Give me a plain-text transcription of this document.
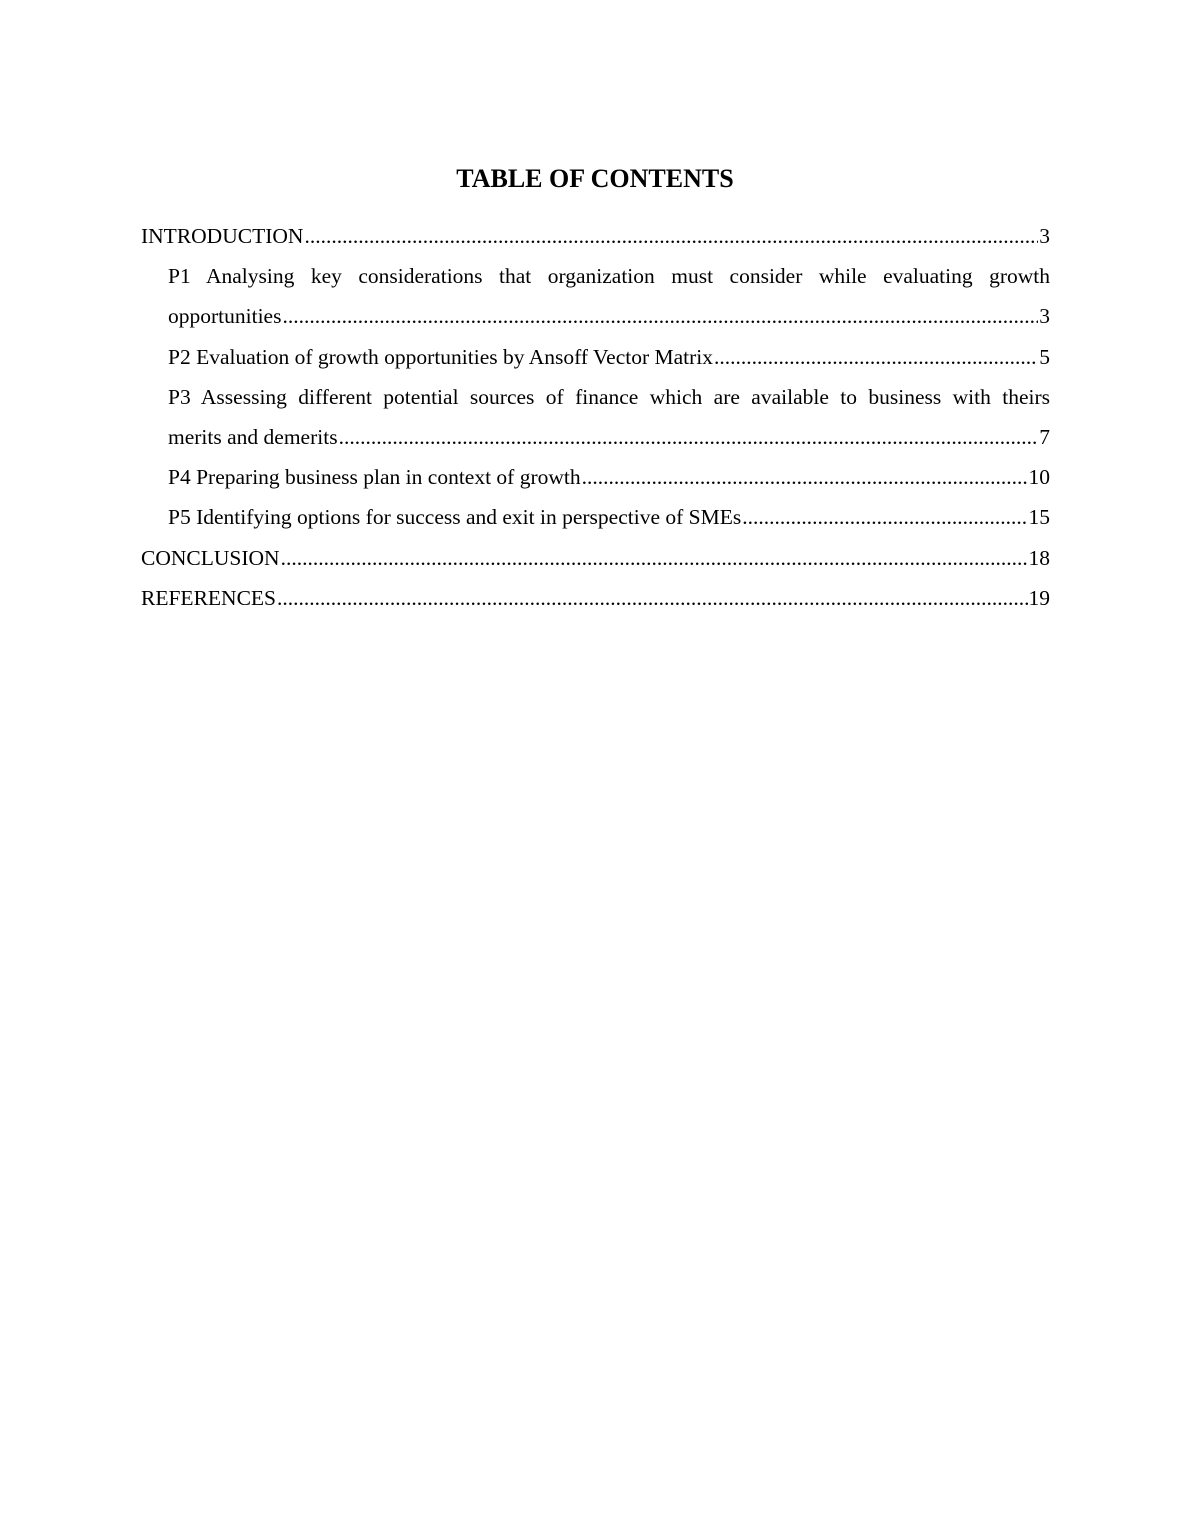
TABLE OF CONTENTS
INTRODUCTION .....	3
P1 Analysing key considerations that organization must consider while evaluating growth
opportunities .....	3
P2 Evaluation of growth opportunities by Ansoff Vector Matrix .....	5
P3 Assessing different potential sources of finance which are available to business with theirs
merits and demerits .....	7
P4 Preparing business plan in context of growth .....	10
P5 Identifying options for success and exit in perspective of SMEs .....	15
CONCLUSION .....	18
REFERENCES .....	19
